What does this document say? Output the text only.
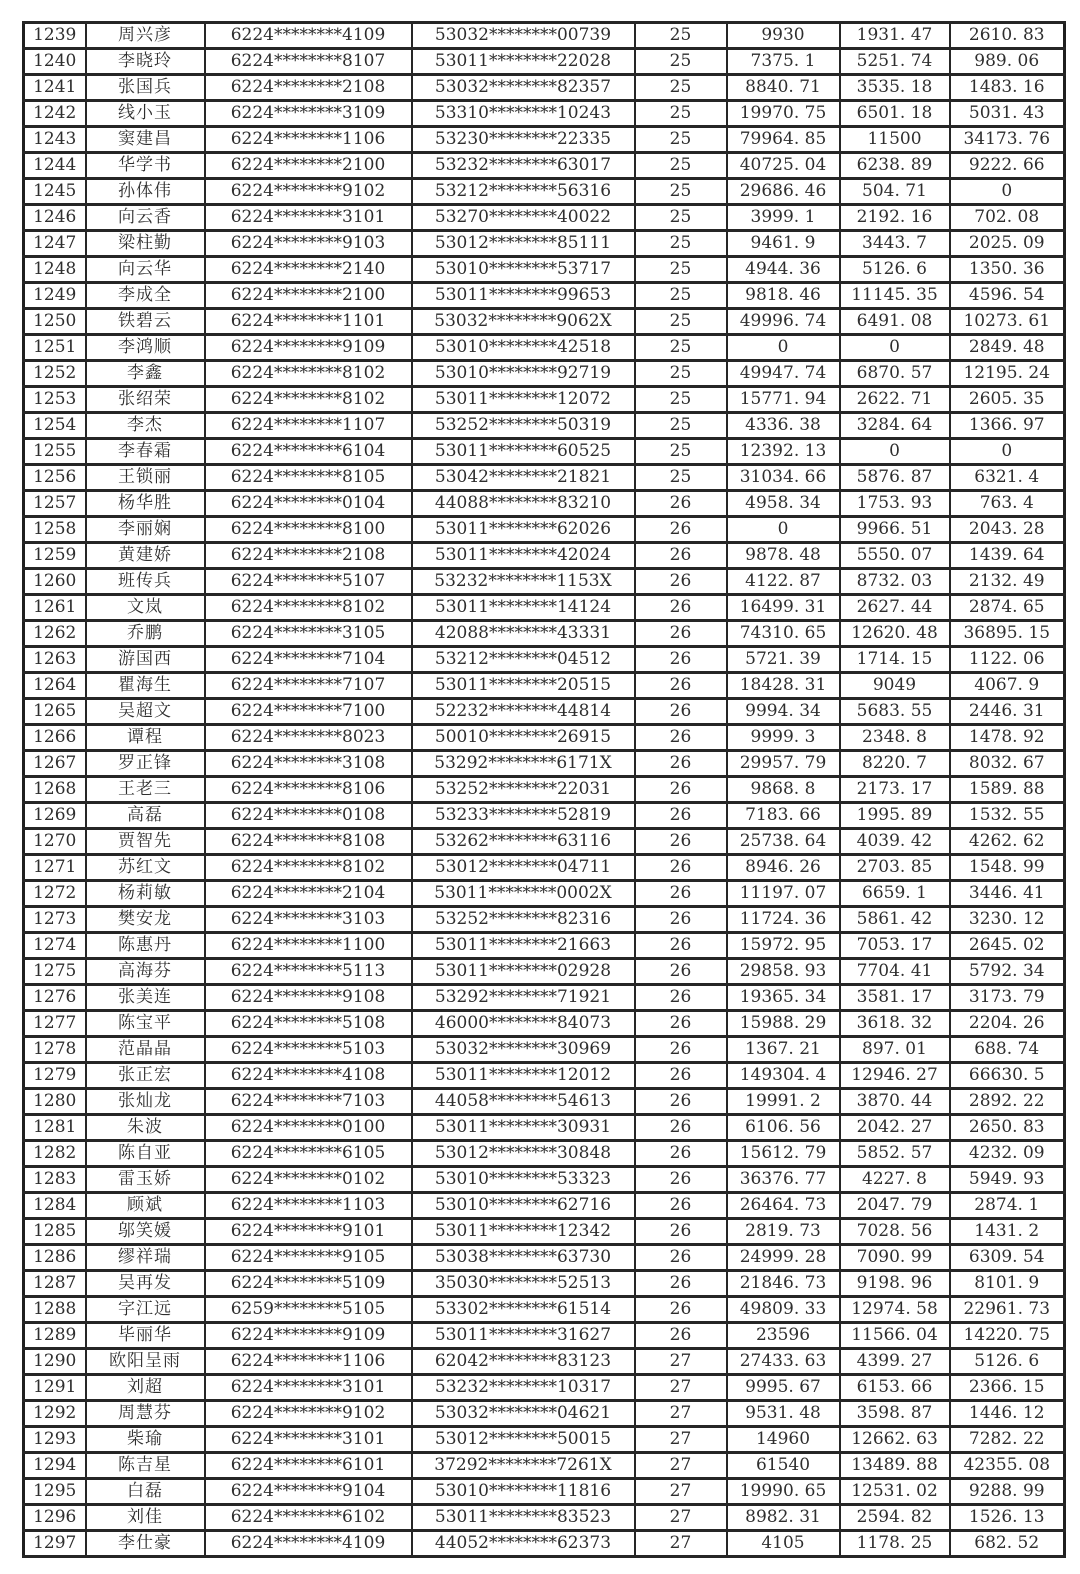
1239	周兴彦	6224********4109	53032********00739	25	9930	1931. 47	2610. 83
1240	李晓玲	6224********8107	53011********22028	25	7375. 1	5251. 74	989. 06
1241	张国兵	6224********2108	53032********82357	25	8840. 71	3535. 18	1483. 16
1242	线小玉	6224********3109	53310********10243	25	19970. 75	6501. 18	5031. 43
1243	窦建昌	6224********1106	53230********22335	25	79964. 85	11500	34173. 76
1244	华学书	6224********2100	53232********63017	25	40725. 04	6238. 89	9222. 66
1245	孙体伟	6224********9102	53212********56316	25	29686. 46	504. 71	0
1246	向云香	6224********3101	53270********40022	25	3999. 1	2192. 16	702. 08
1247	梁柱勤	6224********9103	53012********85111	25	9461. 9	3443. 7	2025. 09
1248	向云华	6224********2140	53010********53717	25	4944. 36	5126. 6	1350. 36
1249	李成全	6224********2100	53011********99653	25	9818. 46	11145. 35	4596. 54
1250	铁碧云	6224********1101	53032********9062X	25	49996. 74	6491. 08	10273. 61
1251	李鸿顺	6224********9109	53010********42518	25	0	0	2849. 48
1252	李鑫	6224********8102	53010********92719	25	49947. 74	6870. 57	12195. 24
1253	张绍荣	6224********8102	53011********12072	25	15771. 94	2622. 71	2605. 35
1254	李杰	6224********1107	53252********50319	25	4336. 38	3284. 64	1366. 97
1255	李春霜	6224********6104	53011********60525	25	12392. 13	0	0
1256	王锁丽	6224********8105	53042********21821	25	31034. 66	5876. 87	6321. 4
1257	杨华胜	6224********0104	44088********83210	26	4958. 34	1753. 93	763. 4
1258	李丽娴	6224********8100	53011********62026	26	0	9966. 51	2043. 28
1259	黄建娇	6224********2108	53011********42024	26	9878. 48	5550. 07	1439. 64
1260	班传兵	6224********5107	53232********1153X	26	4122. 87	8732. 03	2132. 49
1261	文岚	6224********8102	53011********14124	26	16499. 31	2627. 44	2874. 65
1262	乔鹏	6224********3105	42088********43331	26	74310. 65	12620. 48	36895. 15
1263	游国西	6224********7104	53212********04512	26	5721. 39	1714. 15	1122. 06
1264	瞿海生	6224********7107	53011********20515	26	18428. 31	9049	4067. 9
1265	吴超文	6224********7100	52232********44814	26	9994. 34	5683. 55	2446. 31
1266	谭程	6224********8023	50010********26915	26	9999. 3	2348. 8	1478. 92
1267	罗正锋	6224********3108	53292********6171X	26	29957. 79	8220. 7	8032. 67
1268	王老三	6224********8106	53252********22031	26	9868. 8	2173. 17	1589. 88
1269	高磊	6224********0108	53233********52819	26	7183. 66	1995. 89	1532. 55
1270	贾智先	6224********8108	53262********63116	26	25738. 64	4039. 42	4262. 62
1271	苏红文	6224********8102	53012********04711	26	8946. 26	2703. 85	1548. 99
1272	杨莉敏	6224********2104	53011********0002X	26	11197. 07	6659. 1	3446. 41
1273	樊安龙	6224********3103	53252********82316	26	11724. 36	5861. 42	3230. 12
1274	陈惠丹	6224********1100	53011********21663	26	15972. 95	7053. 17	2645. 02
1275	高海芬	6224********5113	53011********02928	26	29858. 93	7704. 41	5792. 34
1276	张美连	6224********9108	53292********71921	26	19365. 34	3581. 17	3173. 79
1277	陈宝平	6224********5108	46000********84073	26	15988. 29	3618. 32	2204. 26
1278	范晶晶	6224********5103	53032********30969	26	1367. 21	897. 01	688. 74
1279	张正宏	6224********4108	53011********12012	26	149304. 4	12946. 27	66630. 5
1280	张灿龙	6224********7103	44058********54613	26	19991. 2	3870. 44	2892. 22
1281	朱波	6224********0100	53011********30931	26	6106. 56	2042. 27	2650. 83
1282	陈自亚	6224********6105	53012********30848	26	15612. 79	5852. 57	4232. 09
1283	雷玉娇	6224********0102	53010********53323	26	36376. 77	4227. 8	5949. 93
1284	顾斌	6224********1103	53010********62716	26	26464. 73	2047. 79	2874. 1
1285	邬笑媛	6224********9101	53011********12342	26	2819. 73	7028. 56	1431. 2
1286	缪祥瑞	6224********9105	53038********63730	26	24999. 28	7090. 99	6309. 54
1287	吴再发	6224********5109	35030********52513	26	21846. 73	9198. 96	8101. 9
1288	字江远	6259********5105	53302********61514	26	49809. 33	12974. 58	22961. 73
1289	毕丽华	6224********9109	53011********31627	26	23596	11566. 04	14220. 75
1290	欧阳呈雨	6224********1106	62042********83123	27	27433. 63	4399. 27	5126. 6
1291	刘超	6224********3101	53232********10317	27	9995. 67	6153. 66	2366. 15
1292	周慧芬	6224********9102	53032********04621	27	9531. 48	3598. 87	1446. 12
1293	柴瑜	6224********3101	53012********50015	27	14960	12662. 63	7282. 22
1294	陈吉星	6224********6101	37292********7261X	27	61540	13489. 88	42355. 08
1295	白磊	6224********9104	53010********11816	27	19990. 65	12531. 02	9288. 99
1296	刘佳	6224********6102	53011********83523	27	8982. 31	2594. 82	1526. 13
1297	李仕豪	6224********4109	44052********62373	27	4105	1178. 25	682. 52
